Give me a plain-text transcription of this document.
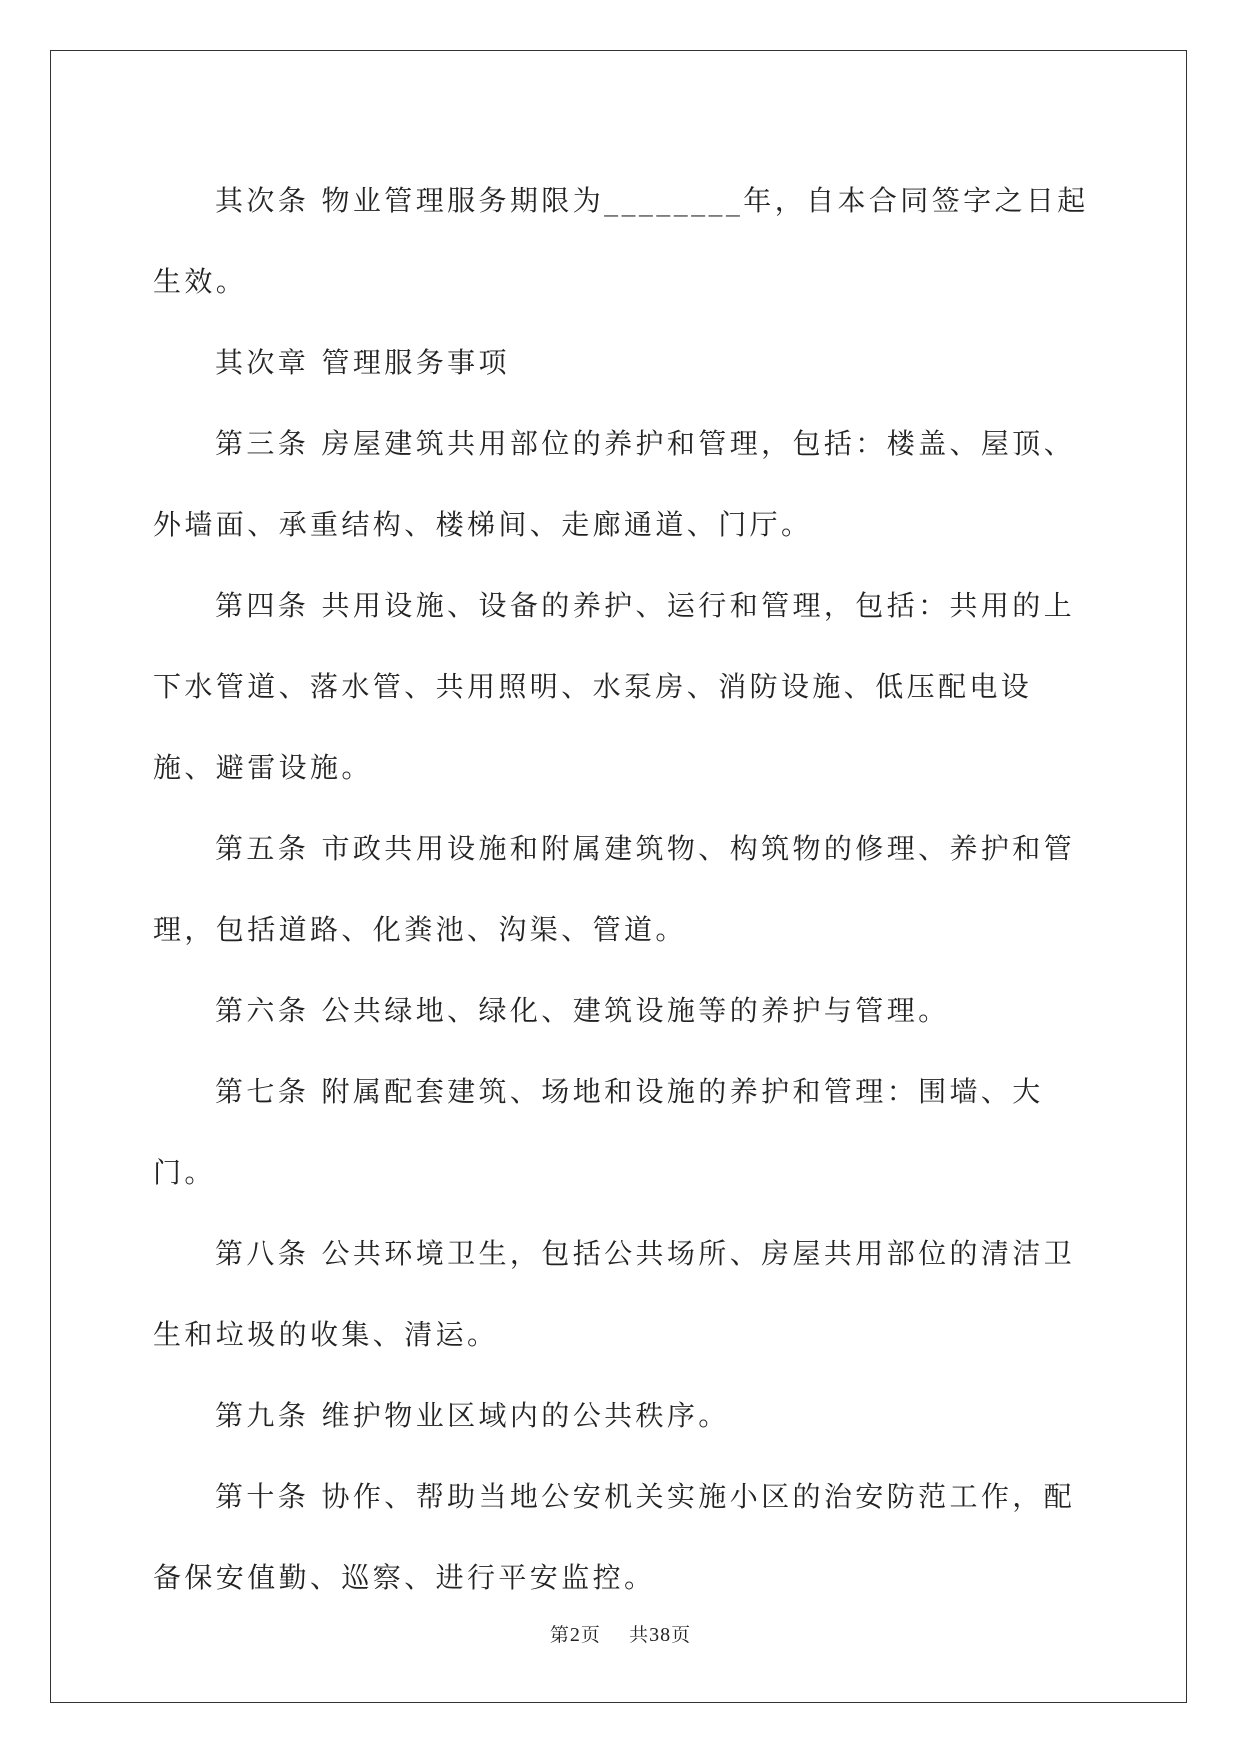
其次条 物业管理服务期限为________年，自本合同签字之日起生效。

其次章 管理服务事项

第三条 房屋建筑共用部位的养护和管理，包括：楼盖、屋顶、外墙面、承重结构、楼梯间、走廊通道、门厅。

第四条 共用设施、设备的养护、运行和管理，包括：共用的上下水管道、落水管、共用照明、水泵房、消防设施、低压配电设施、避雷设施。

第五条 市政共用设施和附属建筑物、构筑物的修理、养护和管理，包括道路、化粪池、沟渠、管道。

第六条 公共绿地、绿化、建筑设施等的养护与管理。

第七条 附属配套建筑、场地和设施的养护和管理：围墙、大门。

第八条 公共环境卫生，包括公共场所、房屋共用部位的清洁卫生和垃圾的收集、清运。

第九条 维护物业区域内的公共秩序。

第十条 协作、帮助当地公安机关实施小区的治安防范工作，配备保安值勤、巡察、进行平安监控。

第2页 共38页
